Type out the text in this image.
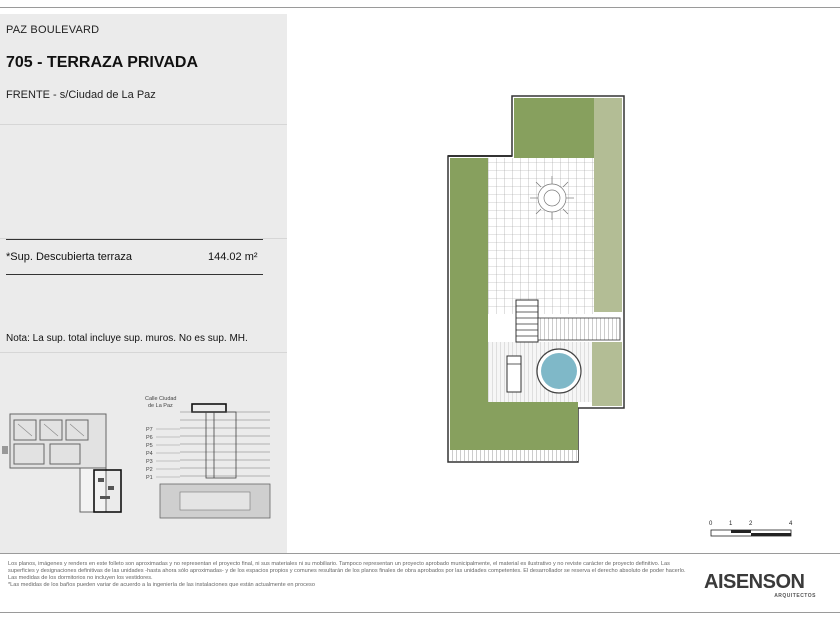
PAZ BOULEVARD
705 - TERRAZA PRIVADA
FRENTE - s/Ciudad de La Paz
*Sup. Descubierta terraza	144.02 m²
Nota: La sup. total incluye sup. muros. No es sup. MH.
Calle Ciudad
de La Paz
P7
P6
P5
P4
P3
P2
P1
0	1	2	4

Los planos, imágenes y renders en este folleto son aproximadas y no representan el proyecto final, ni sus materiales ni su mobiliario. Tampoco representan un proyecto aprobado municipalmente, el material es ilustrativo y no reviste carácter de proyecto definitivo. Las superficies y designaciones definitivas de las unidades -hasta ahora sólo aproximadas- y de los espacios propios y comunes resultarán de los planos finales de obra aprobados por las unidades competentes. El desarrollador se reserva el derecho absoluto de poder hacerlo.

Las medidas de los dormitorios no incluyen los vestidores.

*Las medidas de los baños pueden variar de acuerdo a la ingeniería de las instalaciones que están actualmente en proceso	AISENSON
ARQUITECTOS
